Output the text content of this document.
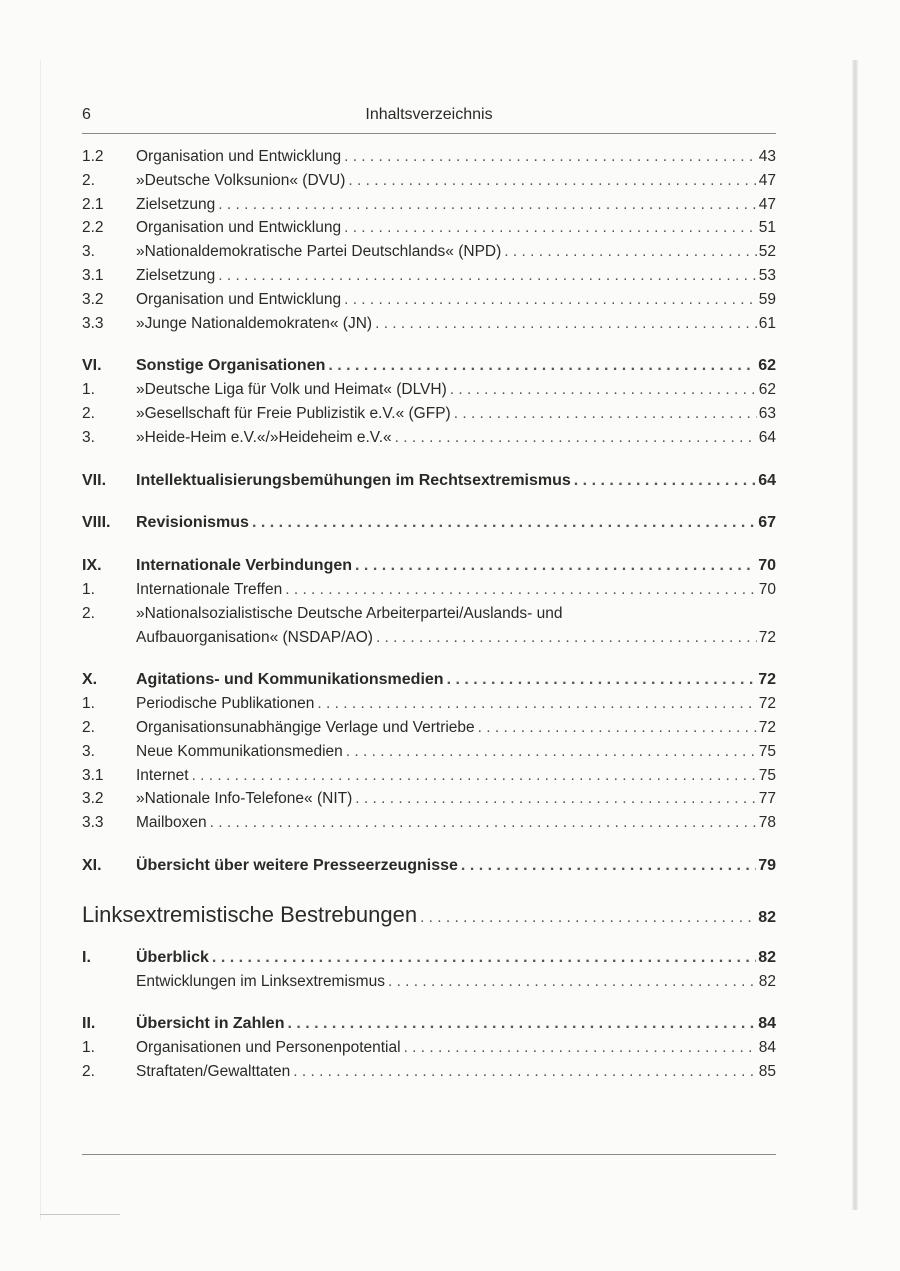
6	Inhaltsverzeichnis
1.2	Organisation und Entwicklung . . .	43
2.	»Deutsche Volksunion« (DVU) . . .	47
2.1	Zielsetzung . . .	47
2.2	Organisation und Entwicklung . . .	51
3.	»Nationaldemokratische Partei Deutschlands« (NPD) . . .	52
3.1	Zielsetzung . . .	53
3.2	Organisation und Entwicklung . . .	59
3.3	»Junge Nationaldemokraten« (JN) . . .	61
VI.	Sonstige Organisationen . . .	62
1.	»Deutsche Liga für Volk und Heimat« (DLVH) . . .	62
2.	»Gesellschaft für Freie Publizistik e.V.« (GFP) . . .	63
3.	»Heide-Heim e.V.«/»Heideheim e.V.« . . .	64
VII.	Intellektualisierungsbemühungen im Rechtsextremismus . . .	64
VIII.	Revisionismus . . .	67
IX.	Internationale Verbindungen . . .	70
1.	Internationale Treffen . . .	70
2.	»Nationalsozialistische Deutsche Arbeiterpartei/Auslands- und
Aufbauorganisation« (NSDAP/AO) . . .	72
X.	Agitations- und Kommunikationsmedien . . .	72
1.	Periodische Publikationen . . .	72
2.	Organisationsunabhängige Verlage und Vertriebe . . .	72
3.	Neue Kommunikationsmedien . . .	75
3.1	Internet . . .	75
3.2	»Nationale Info-Telefone« (NIT) . . .	77
3.3	Mailboxen . . .	78
XI.	Übersicht über weitere Presseerzeugnisse . . .	79
Linksextremistische Bestrebungen . . .	82
I.	Überblick . . .	82
Entwicklungen im Linksextremismus . . .	82
II.	Übersicht in Zahlen . . .	84
1.	Organisationen und Personenpotential . . .	84
2.	Straftaten/Gewalttaten . . .	85
